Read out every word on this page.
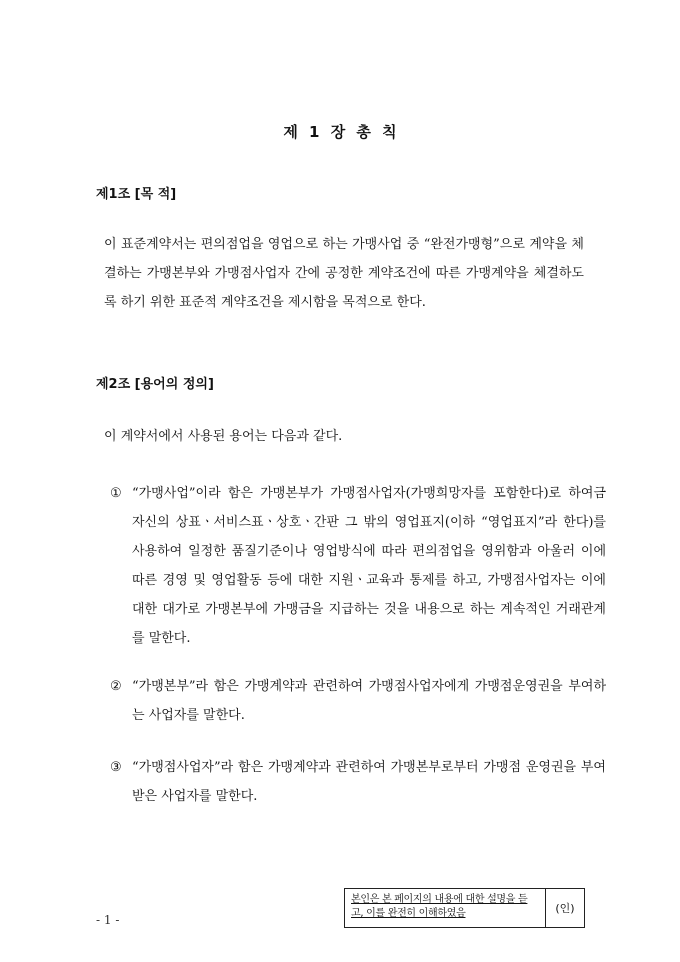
제 1 장 총 칙
제1조 [목 적]

이 표준계약서는 편의점업을 영업으로 하는 가맹사업 중 “완전가맹형”으로 계약을 체결하는 가맹본부와 가맹점사업자 간에 공정한 계약조건에 따른 가맹계약을 체결하도록 하기 위한 표준적 계약조건을 제시함을 목적으로 한다.

제2조 [용어의 정의]

이 계약서에서 사용된 용어는 다음과 같다.

① “가맹사업”이라 함은 가맹본부가 가맹점사업자(가맹희망자를 포함한다)로 하여금 자신의 상표ㆍ서비스표ㆍ상호ㆍ간판 그 밖의 영업표지(이하 “영업표지”라 한다)를 사용하여 일정한 품질기준이나 영업방식에 따라 편의점업을 영위함과 아울러 이에 따른 경영 및 영업활동 등에 대한 지원ㆍ교육과 통제를 하고, 가맹점사업자는 이에 대한 대가로 가맹본부에 가맹금을 지급하는 것을 내용으로 하는 계속적인 거래관계를 말한다.

② “가맹본부”라 함은 가맹계약과 관련하여 가맹점사업자에게 가맹점운영권을 부여하는 사업자를 말한다.

③ “가맹점사업자”라 함은 가맹계약과 관련하여 가맹본부로부터 가맹점 운영권을 부여받은 사업자를 말한다.

- 1 -
본인은 본 페이지의 내용에 대한 설명을 듣고, 이를 완전히 이해하였음	(인)
